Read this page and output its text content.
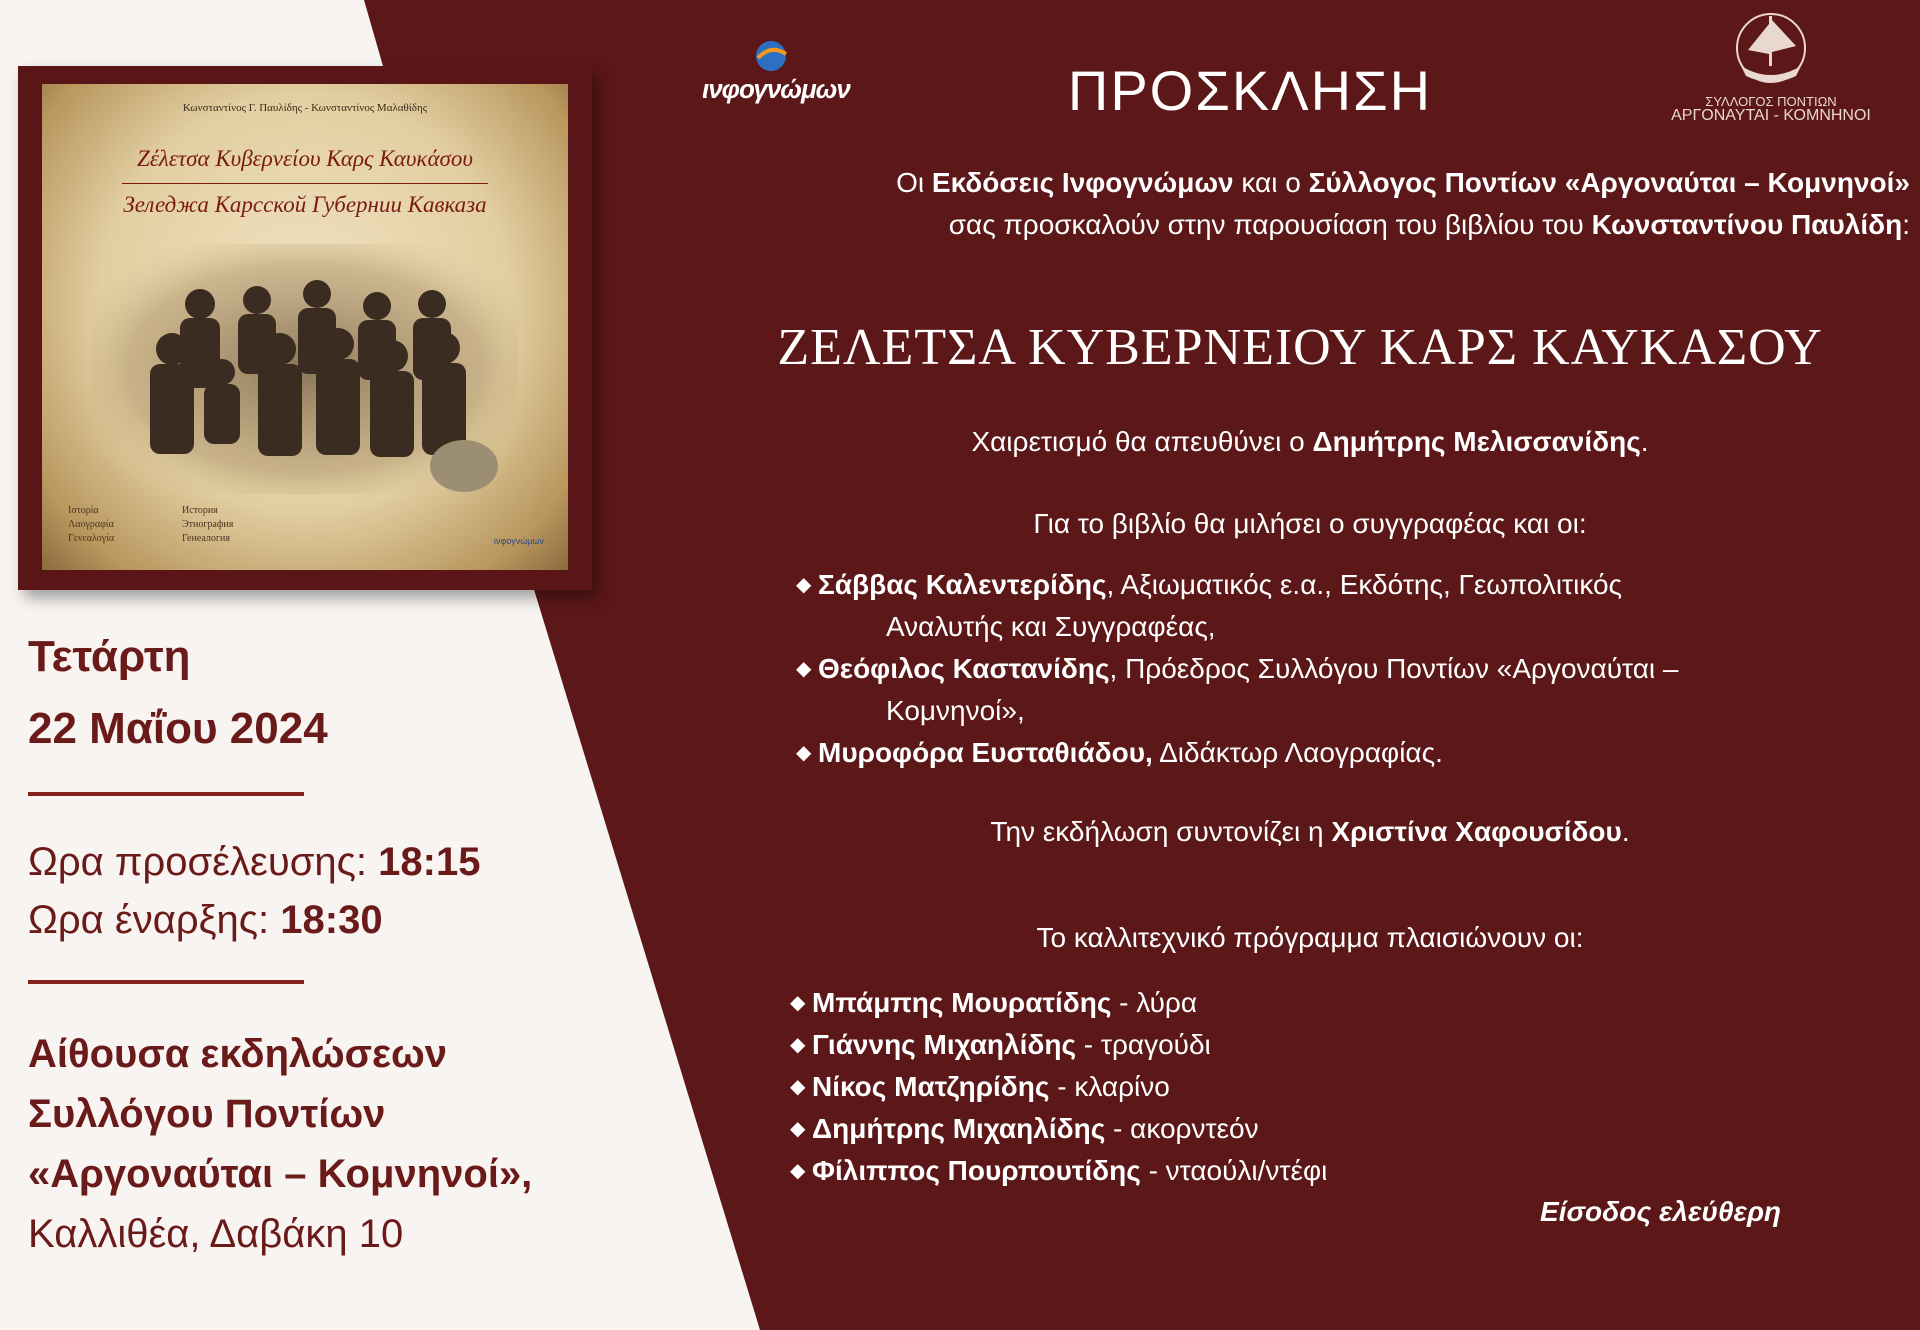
Κωνσταντίνος Γ. Παυλίδης - Κωνσταντίνος Μαλαθίδης
Ζέλετσα Κυβερνείου Καρς Καυκάσου
Зеледжа Карсской Губернии Кавказа
Ιστορία
Λαογραφία
Γενεαλογία
История
Этнография
Генеалогия	ινφογνώμων
Τετάρτη
22 Μαΐου 2024
Ωρα προσέλευσης: 18:15
Ωρα έναρξης: 18:30
Αίθουσα εκδηλώσεων
Συλλόγου Ποντίων
«Αργοναύται – Κομνηνοί»,
Καλλιθέα, Δαβάκη 10
ινφογνώμων	ΣΥΛΛΟΓΟΣ ΠΟΝΤΙΩΝ
ΑΡΓΟΝΑΥΤΑΙ - ΚΟΜΝΗΝΟΙ
ΠΡΟΣΚΛΗΣΗ

Οι Εκδόσεις Ινφογνώμων και ο Σύλλογος Ποντίων «Αργοναύται – Κομνηνοί»

σας προσκαλούν στην παρουσίαση του βιβλίου του Κωνσταντίνου Παυλίδη:

ΖΕΛΕΤΣΑ ΚΥΒΕΡΝΕΙΟΥ ΚΑΡΣ ΚΑΥΚΑΣΟΥ
Χαιρετισμό θα απευθύνει ο Δημήτρης Μελισσανίδης.
Για το βιβλίο θα μιλήσει ο συγγραφέας και οι:
◆ Σάββας Καλεντερίδης, Αξιωματικός ε.α., Εκδότης, Γεωπολιτικός
Αναλυτής και Συγγραφέας,
◆ Θεόφιλος Καστανίδης, Πρόεδρος Συλλόγου Ποντίων «Αργοναύται –
Κομνηνοί»,
◆ Μυροφόρα Ευσταθιάδου, Διδάκτωρ Λαογραφίας.
Την εκδήλωση συντονίζει η Χριστίνα Χαφουσίδου.
Το καλλιτεχνικό πρόγραμμα πλαισιώνουν οι:
◆ Μπάμπης Μουρατίδης - λύρα
◆ Γιάννης Μιχαηλίδης - τραγούδι
◆ Νίκος Ματζηρίδης - κλαρίνο
◆ Δημήτρης Μιχαηλίδης - ακορντεόν
◆ Φίλιππος Πουρπουτίδης - νταούλι/ντέφι
Είσοδος ελεύθερη
